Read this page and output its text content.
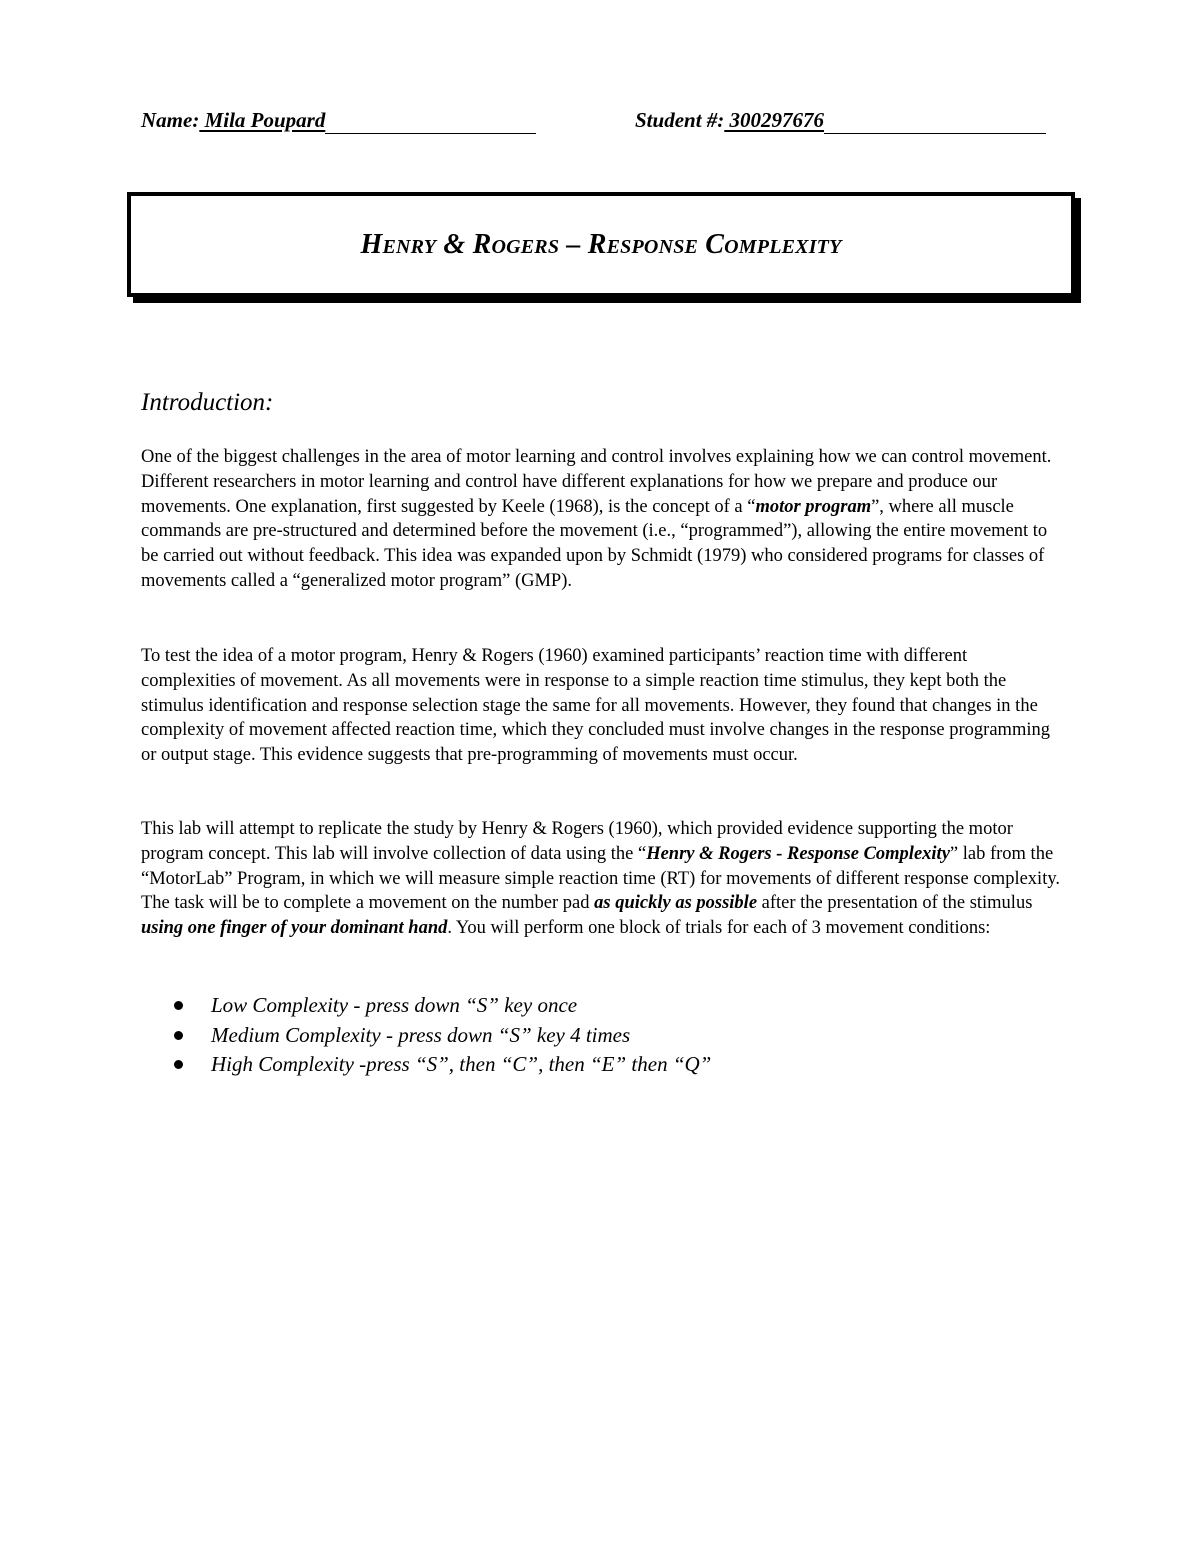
Name: Mila Poupard	Student #: 300297676
Henry & Rogers – Response Complexity
Introduction:
One of the biggest challenges in the area of motor learning and control involves explaining how we can control movement. Different researchers in motor learning and control have different explanations for how we prepare and produce our movements. One explanation, first suggested by Keele (1968), is the concept of a “motor program”, where all muscle commands are pre-structured and determined before the movement (i.e., “programmed”), allowing the entire movement to be carried out without feedback. This idea was expanded upon by Schmidt (1979) who considered programs for classes of movements called a “generalized motor program” (GMP).
To test the idea of a motor program, Henry & Rogers (1960) examined participants’ reaction time with different complexities of movement. As all movements were in response to a simple reaction time stimulus, they kept both the stimulus identification and response selection stage the same for all movements. However, they found that changes in the complexity of movement affected reaction time, which they concluded must involve changes in the response programming or output stage. This evidence suggests that pre-programming of movements must occur.
This lab will attempt to replicate the study by Henry & Rogers (1960), which provided evidence supporting the motor program concept. This lab will involve collection of data using the “Henry & Rogers - Response Complexity” lab from the “MotorLab” Program, in which we will measure simple reaction time (RT) for movements of different response complexity. The task will be to complete a movement on the number pad as quickly as possible after the presentation of the stimulus using one finger of your dominant hand. You will perform one block of trials for each of 3 movement conditions:
Low Complexity - press down “S” key once
Medium Complexity - press down “S” key 4 times
High Complexity -press “S”, then “C”, then “E” then “Q”
